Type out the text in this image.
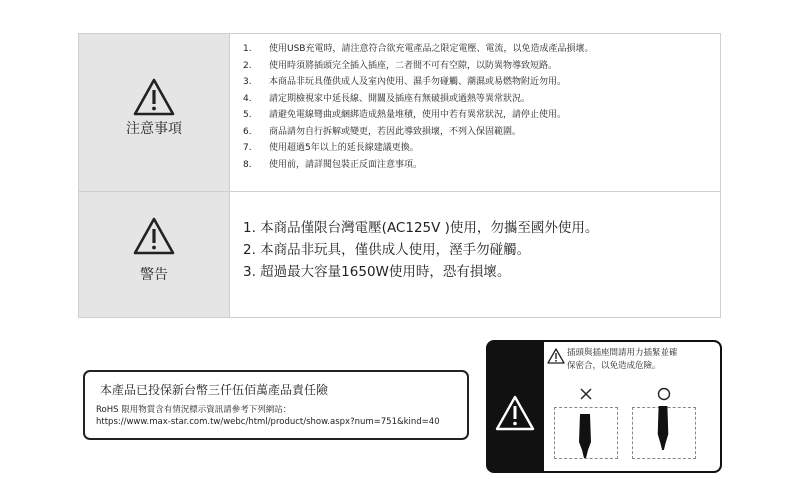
注意事項
1. 使用USB充電時，請注意符合欲充電產品之限定電壓、電流，以免造成產品損壞。
2. 使用時須將插頭完全插入插座，二者間不可有空隙，以防異物導致短路。
3. 本商品非玩具僅供成人及室內使用、濕手勿碰觸、潮濕或易燃物附近勿用。
4. 請定期檢視家中延長線、開關及插座有無破損或過熱等異常狀況。
5. 請避免電線彎曲或綑綁造成熱量堆積，使用中若有異常狀況，請停止使用。
6. 商品請勿自行拆解或變更，若因此導致損壞，不列入保固範圍。
7. 使用超過5年以上的延長線建議更換。
8. 使用前，請詳閱包裝正反面注意事項。
警告
1. 本商品僅限台灣電壓(AC125V )使用，勿攜至國外使用。
2. 本商品非玩具，僅供成人使用，溼手勿碰觸。
3. 超過最大容量1650W使用時，恐有損壞。
本產品已投保新台幣三仟伍佰萬產品責任險
RoHS 限用物質含有情況標示資訊請參考下列網站：
https://www.max-star.com.tw/webc/html/product/show.aspx?num=751&kind=40
插頭與插座間請用力插緊並確
保密合，以免造成危險。
